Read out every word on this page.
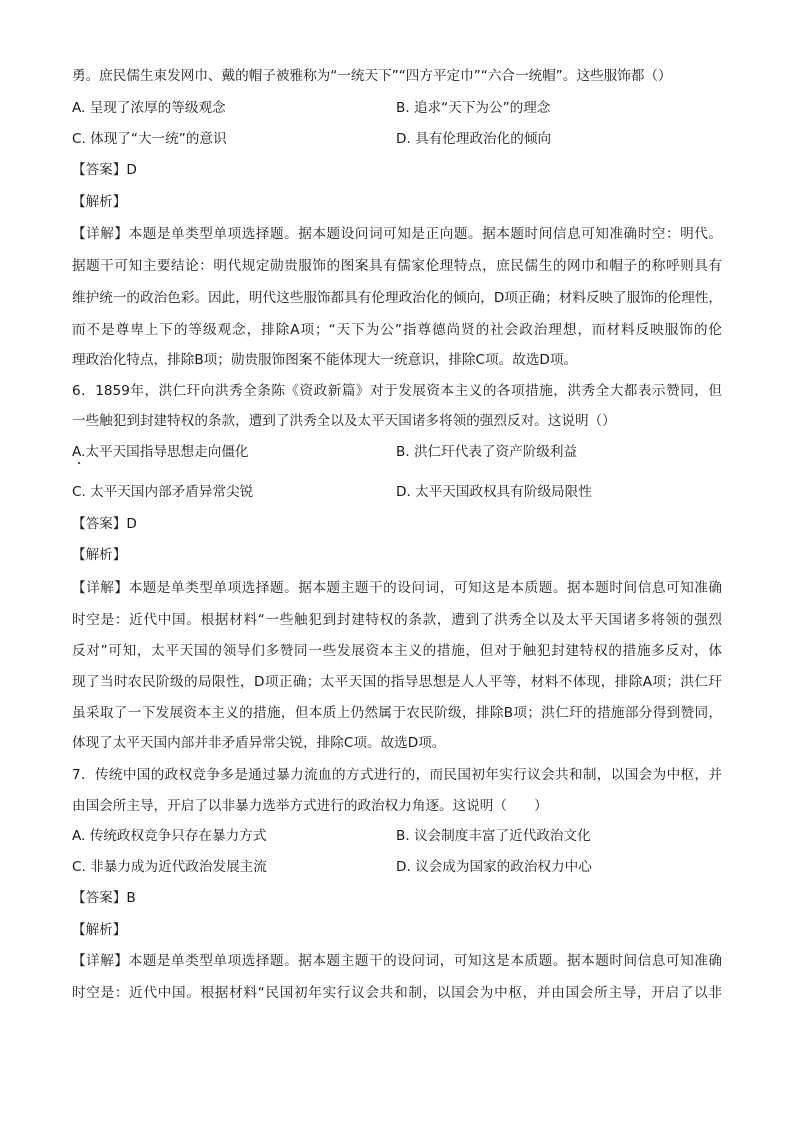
勇。庶民儒生束发网巾、戴的帽子被雅称为“一统天下”“四方平定巾”“六合一统帽”。这些服饰都（）
A. 呈现了浓厚的等级观念	B. 追求“天下为公”的理念
C. 体现了“大一统”的意识	D. 具有伦理政治化的倾向
【答案】D
【解析】
【详解】本题是单类型单项选择题。据本题设问词可知是正向题。据本题时间信息可知准确时空：明代。
据题干可知主要结论：明代规定勋贵服饰的图案具有儒家伦理特点，庶民儒生的网巾和帽子的称呼则具有
维护统一的政治色彩。因此，明代这些服饰都具有伦理政治化的倾向，D项正确；材料反映了服饰的伦理性，
而不是尊卑上下的等级观念，排除A项；“天下为公”指尊德尚贤的社会政治理想，而材料反映服饰的伦
理政治化特点，排除B项；勋贵服饰图案不能体现大一统意识，排除C项。故选D项。
6．1859年，洪仁玕向洪秀全条陈《资政新篇》对于发展资本主义的各项措施，洪秀全大都表示赞同，但
一些触犯到封建特权的条款，遭到了洪秀全以及太平天国诸多将领的强烈反对。这说明（）
A.太平天国指导思想走向僵化	B. 洪仁玕代表了资产阶级利益
C. 太平天国内部矛盾异常尖锐	D. 太平天国政权具有阶级局限性
【答案】D
【解析】
【详解】本题是单类型单项选择题。据本题主题干的设问词，可知这是本质题。据本题时间信息可知准确
时空是：近代中国。根据材料“一些触犯到封建特权的条款，遭到了洪秀全以及太平天国诸多将领的强烈
反对”可知，太平天国的领导们多赞同一些发展资本主义的措施，但对于触犯封建特权的措施多反对，体
现了当时农民阶级的局限性，D项正确；太平天国的指导思想是人人平等，材料不体现，排除A项；洪仁玕
虽采取了一下发展资本主义的措施，但本质上仍然属于农民阶级，排除B项；洪仁玕的措施部分得到赞同，
体现了太平天国内部并非矛盾异常尖锐，排除C项。故选D项。
7．传统中国的政权竞争多是通过暴力流血的方式进行的，而民国初年实行议会共和制，以国会为中枢，并
由国会所主导，开启了以非暴力选举方式进行的政治权力角逐。这说明（　　）
A. 传统政权竞争只存在暴力方式	B. 议会制度丰富了近代政治文化
C. 非暴力成为近代政治发展主流	D. 议会成为国家的政治权力中心
【答案】B
【解析】
【详解】本题是单类型单项选择题。据本题主题干的设问词，可知这是本质题。据本题时间信息可知准确
时空是：近代中国。根据材料“民国初年实行议会共和制，以国会为中枢，并由国会所主导，开启了以非
